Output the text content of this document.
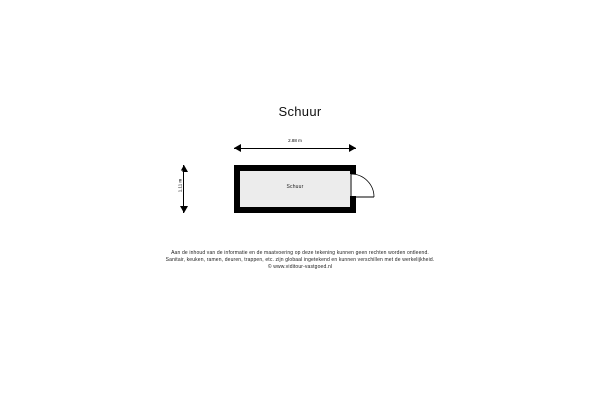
Schuur
2.88 m
1.11 m	Schuur
Aan de inhoud van de informatie en de maatvoering op deze tekening kunnen geen rechten worden ontleend.
Sanitair, keuken, ramen, deuren, trappen, etc. zijn globaal ingetekend en kunnen verschillen met de werkelijkheid.
© www.viditour-vastgoed.nl
